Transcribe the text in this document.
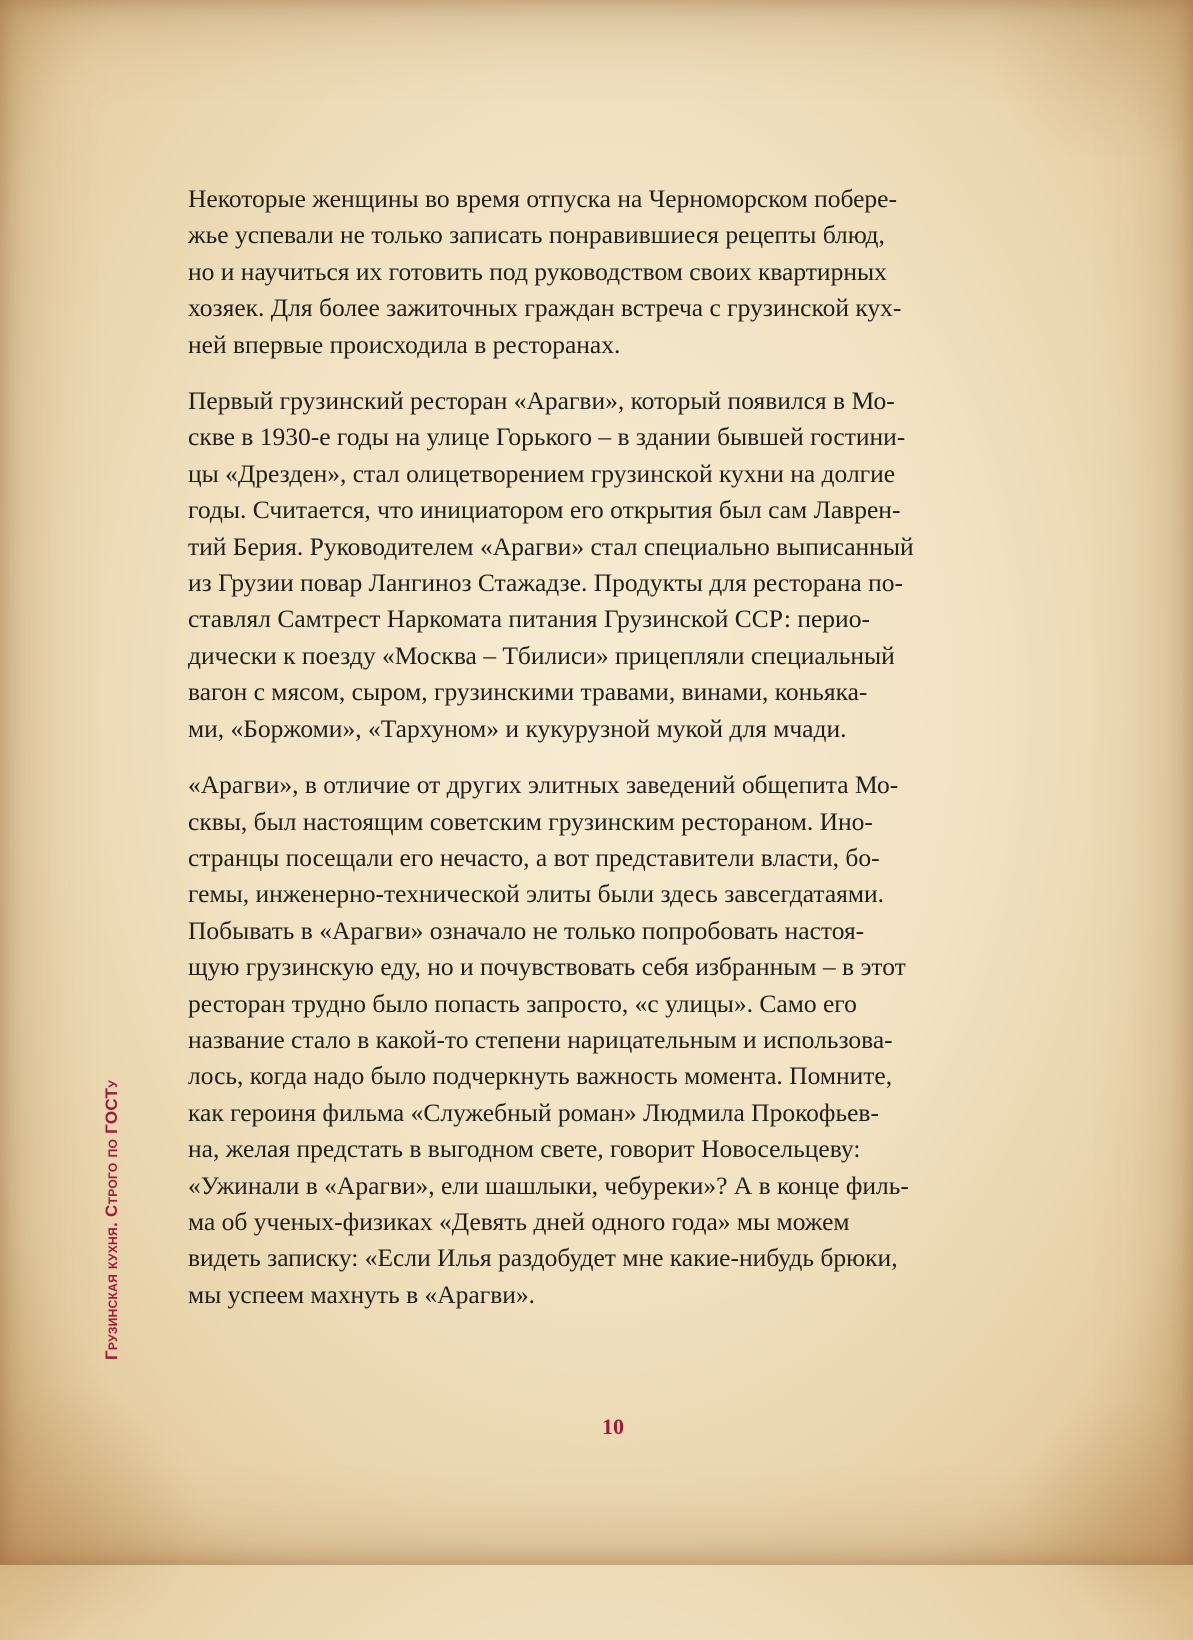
Некоторые женщины во время отпуска на Черноморском побере-
жье успевали не только записать понравившиеся рецепты блюд,
но и научиться их готовить под руководством своих квартирных
хозяек. Для более зажиточных граждан встреча с грузинской кух-
ней впервые происходила в ресторанах.

Первый грузинский ресторан «Арагви», который появился в Мо-
скве в 1930-е годы на улице Горького – в здании бывшей гостини-
цы «Дрезден», стал олицетворением грузинской кухни на долгие
годы. Считается, что инициатором его открытия был сам Лаврен-
тий Берия. Руководителем «Арагви» стал специально выписанный
из Грузии повар Лангиноз Стажадзе. Продукты для ресторана по-
ставлял Самтрест Наркомата питания Грузинской ССР: перио-
дически к поезду «Москва – Тбилиси» прицепляли специальный
вагон с мясом, сыром, грузинскими травами, винами, коньяка-
ми, «Боржоми», «Тархуном» и кукурузной мукой для мчади.

«Арагви», в отличие от других элитных заведений общепита Мо-
сквы, был настоящим советским грузинским рестораном. Ино-
странцы посещали его нечасто, а вот представители власти, бо-
гемы, инженерно-технической элиты были здесь завсегдатаями.
Побывать в «Арагви» означало не только попробовать настоя-
щую грузинскую еду, но и почувствовать себя избранным – в этот
ресторан трудно было попасть запросто, «с улицы». Само его
название стало в какой-то степени нарицательным и использова-
лось, когда надо было подчеркнуть важность момента. Помните,
как героиня фильма «Служебный роман» Людмила Прокофьев-
на, желая предстать в выгодном свете, говорит Новосельцеву:
«Ужинали в «Арагви», ели шашлыки, чебуреки»? А в конце филь-
ма об ученых-физиках «Девять дней одного года» мы можем
видеть записку: «Если Илья раздобудет мне какие-нибудь брюки,
мы успеем махнуть в «Арагви».

Грузинская кухня. Строго по ГОСТу
10
